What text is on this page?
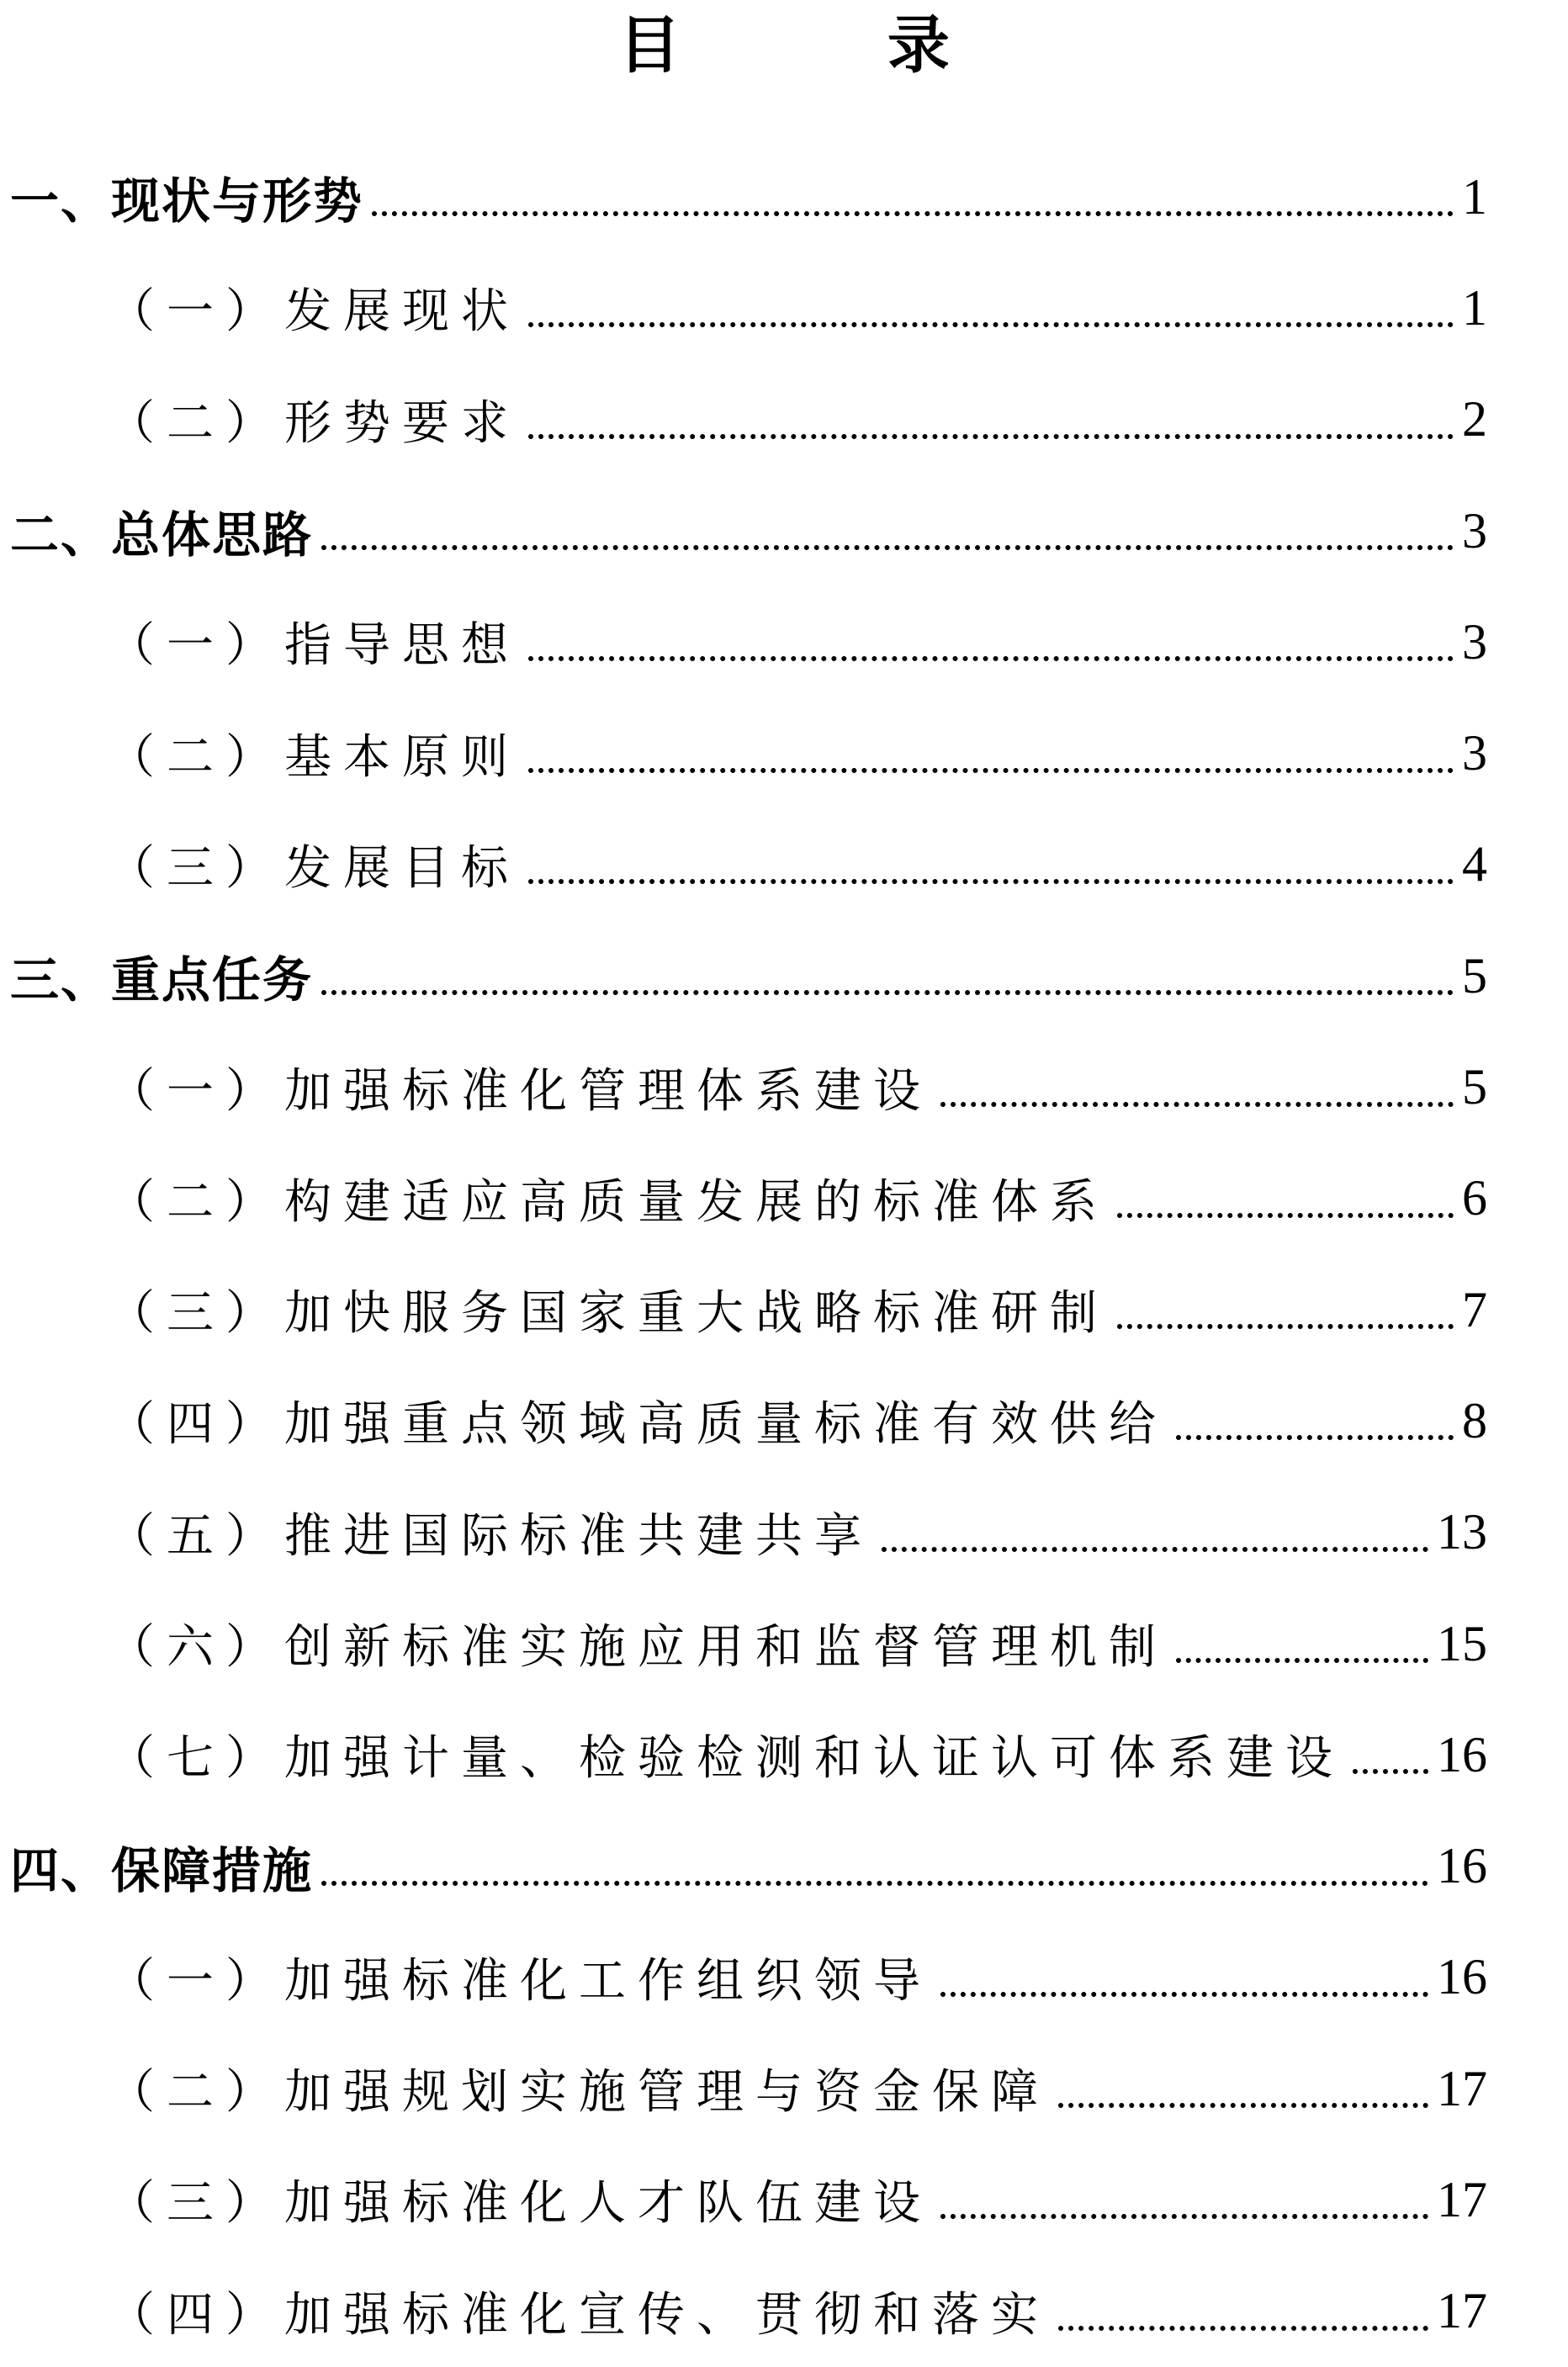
目 录
一、现状与形势	1
（一）发展现状	1
（二）形势要求	2
二、总体思路	3
（一）指导思想	3
（二）基本原则	3
（三）发展目标	4
三、重点任务	5
（一）加强标准化管理体系建设	5
（二）构建适应高质量发展的标准体系	6
（三）加快服务国家重大战略标准研制	7
（四）加强重点领域高质量标准有效供给	8
（五）推进国际标准共建共享	13
（六）创新标准实施应用和监督管理机制	15
（七）加强计量、检验检测和认证认可体系建设 16
四、保障措施	16
（一）加强标准化工作组织领导	16
（二）加强规划实施管理与资金保障	17
（三）加强标准化人才队伍建设	17
（四）加强标准化宣传、贯彻和落实	17
